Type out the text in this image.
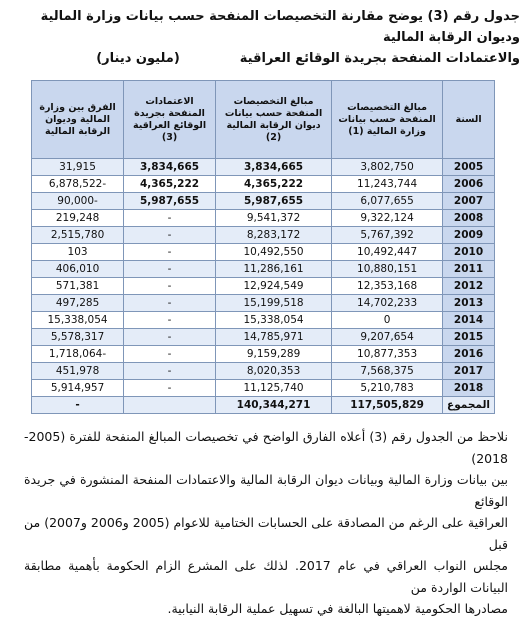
جدول رقم (3) يوضح مقارنة التخصيصات المنفحة حسب بيانات وزارة المالية وديوان الرقابة المالية
والاعتمادات المنفحة بجريدة الوقائع العراقية
(مليون دينار)
السنة	مبالغ التخصيصات المنفحة حسب بيانات وزارة المالية (1)	مبالغ التخصيصات المنفحة حسب بيانات ديوان الرقابة المالية (2)	الاعتمادات المنفحة بجريدة الوقائع العراقية (3)	الفرق بين وزارة المالية وديوان الرقابة المالية
2005	3,802,750	3,834,665	3,834,665	31,915
2006	11,243,744	4,365,222	4,365,222	-6,878,522
2007	6,077,655	5,987,655	5,987,655	-90,000
2008	9,322,124	9,541,372	-	219,248
2009	5,767,392	8,283,172	-	2,515,780
2010	10,492,447	10,492,550	-	103
2011	10,880,151	11,286,161	-	406,010
2012	12,353,168	12,924,549	-	571,381
2013	14,702,233	15,199,518	-	497,285
2014	0	15,338,054	-	15,338,054
2015	9,207,654	14,785,971	-	5,578,317
2016	10,877,353	9,159,289	-	-1,718,064
2017	7,568,375	8,020,353	-	451,978
2018	5,210,783	11,125,740	-	5,914,957
المجموع	117,505,829	140,344,271		-
نلاحظ من الجدول رقم (3) أعلاه الفارق الواضح في تخصيصات المبالغ المنفحة للفترة (2005- 2018)
بين بيانات وزارة المالية وبيانات ديوان الرقابة المالية والاعتمادات المنفحة المنشورة في جريدة الوقائع
العراقية على الرغم من المصادقة على الحسابات الختامية للاعوام (2005 و2006 و2007) من قبل
مجلس النواب العراقي في عام 2017. لذلك على المشرع الزام الحكومة بأهمية مطابقة البيانات الواردة من
مصادرها الحكومية لاهميتها البالغة في تسهيل عملية الرقابة النيابية.
